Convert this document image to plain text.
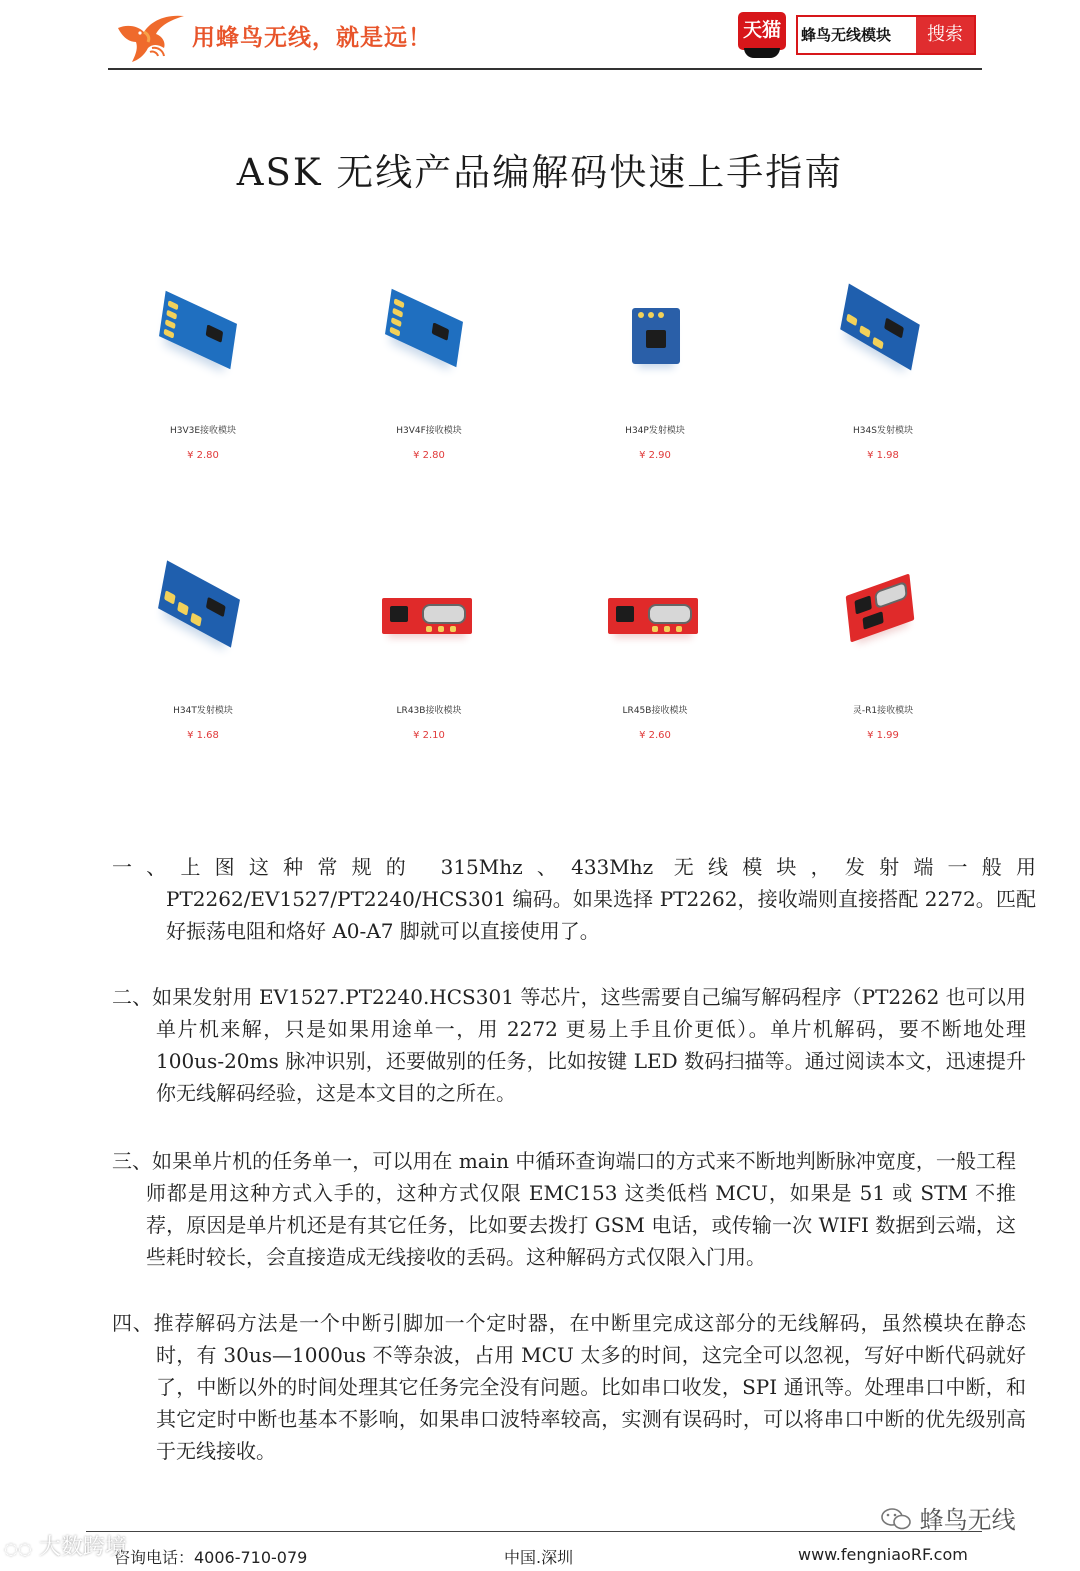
用蜂鸟无线，就是远！	天猫	蜂鸟无线模块	搜索
ASK 无线产品编解码快速上手指南
H3V3E接收模块
¥ 2.80
H3V4F接收模块
¥ 2.80
H34P发射模块
¥ 2.90
H34S发射模块
¥ 1.98
H34T发射模块
¥ 1.68
LR43B接收模块
¥ 2.10
LR45B接收模块
¥ 2.60
灵-R1接收模块
¥ 1.99
一、上图这种常规的 315Mhz、433Mhz 无线模块，发射端一般用PT2262/EV1527/PT2240/HCS301 编码。如果选择 PT2262，接收端则直接搭配 2272。匹配好振荡电阻和烙好 A0-A7 脚就可以直接使用了。
二、如果发射用 EV1527.PT2240.HCS301 等芯片，这些需要自己编写解码程序（PT2262 也可以用单片机来解，只是如果用途单一，用 2272 更易上手且价更低）。单片机解码，要不断地处理 100us-20ms 脉冲识别，还要做别的任务，比如按键 LED 数码扫描等。通过阅读本文，迅速提升你无线解码经验，这是本文目的之所在。
三、如果单片机的任务单一，可以用在 main 中循环查询端口的方式来不断地判断脉冲宽度，一般工程师都是用这种方式入手的，这种方式仅限 EMC153 这类低档 MCU，如果是 51 或 STM 不推荐，原因是单片机还是有其它任务，比如要去拨打 GSM 电话，或传输一次 WIFI 数据到云端，这些耗时较长，会直接造成无线接收的丢码。这种解码方式仅限入门用。
四、推荐解码方法是一个中断引脚加一个定时器，在中断里完成这部分的无线解码，虽然模块在静态时，有 30us—1000us 不等杂波，占用 MCU 太多的时间，这完全可以忽视，写好中断代码就好了，中断以外的时间处理其它任务完全没有问题。比如串口收发，SPI 通讯等。处理串口中断，和其它定时中断也基本不影响，如果串口波特率较高，实测有误码时，可以将串口中断的优先级别高于无线接收。
蜂鸟无线
咨询电话：4006-710-079	中国.深圳	www.fengniaoRF.com
◌◌ 大数跨境
